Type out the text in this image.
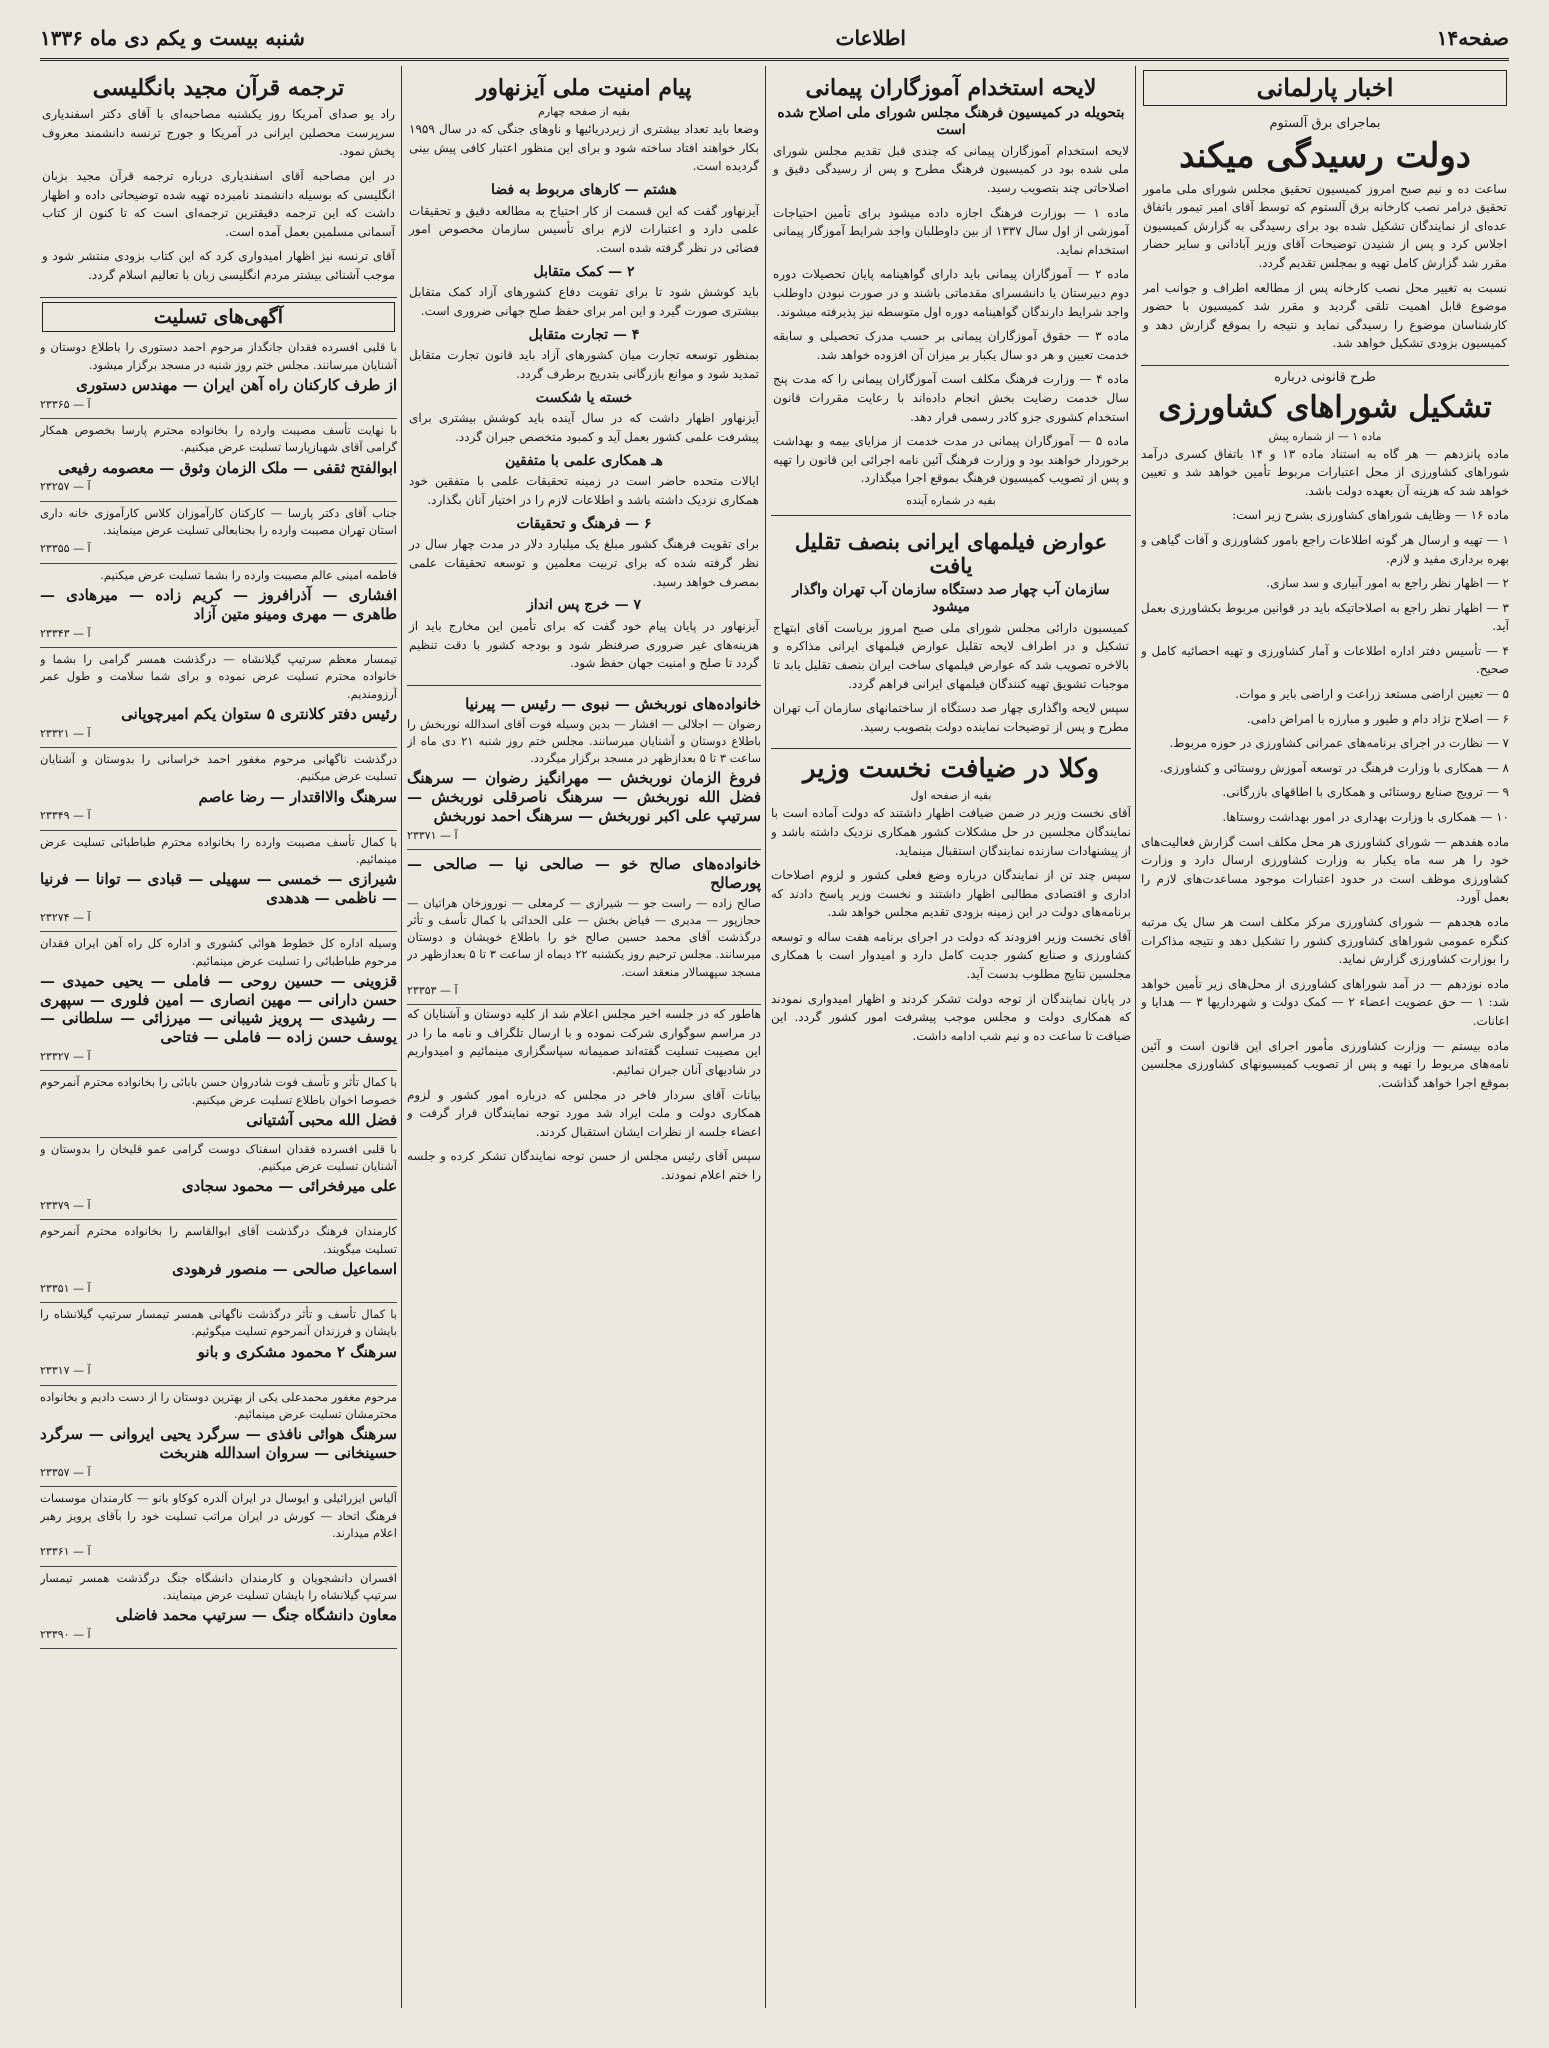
صفحه۱۴
اطلاعات
شنبه بیست و یکم دی ماه ۱۳۳۶
اخبار پارلمانی
بماجرای برق آلستوم
دولت رسیدگی میکند

ساعت ده و نیم صبح امروز کمیسیون تحقیق مجلس شورای ملی مامور تحقیق درامر نصب کارخانه برق آلستوم که توسط آقای امیر تیمور باتفاق عده‌ای از نمایندگان تشکیل شده بود برای رسیدگی به گزارش کمیسیون اجلاس کرد و پس از شنیدن توضیحات آقای وزیر آبادانی و سایر حضار مقرر شد گزارش کامل تهیه و بمجلس تقدیم گردد.

نسبت به تغییر محل نصب کارخانه پس از مطالعه اطراف و جوانب امر موضوع قابل اهمیت تلقی گردید و مقرر شد کمیسیون با حضور کارشناسان موضوع را رسیدگی نماید و نتیجه را بموقع گزارش دهد و کمیسیون بزودی تشکیل خواهد شد.

طرح قانونی درباره
تشکیل شوراهای کشاورزی
ماده ۱ — از شماره پیش

ماده پانزدهم — هر گاه به استناد ماده ۱۳ و ۱۴ باتفاق کسری درآمد شوراهای کشاورزی از محل اعتبارات مربوط تأمین خواهد شد و تعیین خواهد شد که هزینه آن بعهده دولت باشد.

ماده ۱۶ — وظایف شوراهای کشاورزی بشرح زیر است:

۱ — تهیه و ارسال هر گونه اطلاعات راجع بامور کشاورزی و آفات گیاهی و بهره برداری مفید و لازم.

۲ — اظهار نظر راجع به امور آبیاری و سد سازی.

۳ — اظهار نظر راجع به اصلاحاتیکه باید در قوانین مربوط بکشاورزی بعمل آید.

۴ — تأسیس دفتر اداره اطلاعات و آمار کشاورزی و تهیه احصائیه کامل و صحیح.

۵ — تعیین اراضی مستعد زراعت و اراضی بایر و موات.

۶ — اصلاح نژاد دام و طیور و مبارزه با امراض دامی.

۷ — نظارت در اجرای برنامه‌های عمرانی کشاورزی در حوزه مربوط.

۸ — همکاری با وزارت فرهنگ در توسعه آموزش روستائی و کشاورزی.

۹ — ترویج صنایع روستائی و همکاری با اطاقهای بازرگانی.

۱۰ — همکاری با وزارت بهداری در امور بهداشت روستاها.

ماده هفدهم — شورای کشاورزی هر محل مکلف است گزارش فعالیت‌های خود را هر سه ماه یکبار به وزارت کشاورزی ارسال دارد و وزارت کشاورزی موظف است در حدود اعتبارات موجود مساعدت‌های لازم را بعمل آورد.

ماده هجدهم — شورای کشاورزی مرکز مکلف است هر سال یک مرتبه کنگره عمومی شوراهای کشاورزی کشور را تشکیل دهد و نتیجه مذاکرات را بوزارت کشاورزی گزارش نماید.

ماده نوزدهم — در آمد شوراهای کشاورزی از محل‌های زیر تأمین خواهد شد: ۱ — حق عضویت اعضاء ۲ — کمک دولت و شهرداریها ۳ — هدایا و اعانات.

ماده بیستم — وزارت کشاورزی مأمور اجرای این قانون است و آئین نامه‌های مربوط را تهیه و پس از تصویب کمیسیونهای کشاورزی مجلسین بموقع اجرا خواهد گذاشت.

لایحه استخدام آموزگاران پیمانی
بتحویله در کمیسیون فرهنگ مجلس شورای ملی اصلاح شده است

لایحه استخدام آموزگاران پیمانی که چندی قبل تقدیم مجلس شورای ملی شده بود در کمیسیون فرهنگ مطرح و پس از رسیدگی دقیق و اصلاحاتی چند بتصویب رسید.

ماده ۱ — بوزارت فرهنگ اجازه داده میشود برای تأمین احتیاجات آموزشی از اول سال ۱۳۳۷ از بین داوطلبان واجد شرایط آموزگار پیمانی استخدام نماید.

ماده ۲ — آموزگاران پیمانی باید دارای گواهینامه پایان تحصیلات دوره دوم دبیرستان یا دانشسرای مقدماتی باشند و در صورت نبودن داوطلب واجد شرایط دارندگان گواهینامه دوره اول متوسطه نیز پذیرفته میشوند.

ماده ۳ — حقوق آموزگاران پیمانی بر حسب مدرک تحصیلی و سابقه خدمت تعیین و هر دو سال یکبار بر میزان آن افزوده خواهد شد.

ماده ۴ — وزارت فرهنگ مکلف است آموزگاران پیمانی را که مدت پنج سال خدمت رضایت بخش انجام داده‌اند با رعایت مقررات قانون استخدام کشوری جزو کادر رسمی قرار دهد.

ماده ۵ — آموزگاران پیمانی در مدت خدمت از مزایای بیمه و بهداشت برخوردار خواهند بود و وزارت فرهنگ آئین نامه اجرائی این قانون را تهیه و پس از تصویب کمیسیون فرهنگ بموقع اجرا میگذارد.

بقیه در شماره آینده
عوارض فیلمهای ایرانی بنصف تقلیل یافت
سازمان آب چهار صد دستگاه سازمان آب تهران واگذار میشود

کمیسیون دارائی مجلس شورای ملی صبح امروز بریاست آقای ابتهاج تشکیل و در اطراف لایحه تقلیل عوارض فیلمهای ایرانی مذاکره و بالاخره تصویب شد که عوارض فیلمهای ساخت ایران بنصف تقلیل یابد تا موجبات تشویق تهیه کنندگان فیلمهای ایرانی فراهم گردد.

سپس لایحه واگذاری چهار صد دستگاه از ساختمانهای سازمان آب تهران مطرح و پس از توضیحات نماینده دولت بتصویب رسید.

وکلا در ضیافت نخست وزیر
بقیه از صفحه اول

آقای نخست وزیر در ضمن ضیافت اظهار داشتند که دولت آماده است با نمایندگان مجلسین در حل مشکلات کشور همکاری نزدیک داشته باشد و از پیشنهادات سازنده نمایندگان استقبال مینماید.

سپس چند تن از نمایندگان درباره وضع فعلی کشور و لزوم اصلاحات اداری و اقتصادی مطالبی اظهار داشتند و نخست وزیر پاسخ دادند که برنامه‌های دولت در این زمینه بزودی تقدیم مجلس خواهد شد.

آقای نخست وزیر افزودند که دولت در اجرای برنامه هفت ساله و توسعه کشاورزی و صنایع کشور جدیت کامل دارد و امیدوار است با همکاری مجلسین نتایج مطلوب بدست آید.

در پایان نمایندگان از توجه دولت تشکر کردند و اظهار امیدواری نمودند که همکاری دولت و مجلس موجب پیشرفت امور کشور گردد. این ضیافت تا ساعت ده و نیم شب ادامه داشت.

پیام امنیت ملی آیزنهاور
بقیه از صفحه چهارم

وضعا باید تعداد بیشتری از زیردریائیها و ناوهای جنگی که در سال ۱۹۵۹ بکار خواهند افتاد ساخته شود و برای این منظور اعتبار کافی پیش بینی گردیده است.

هشتم — کارهای مربوط به فضا

آیزنهاور گفت که این قسمت از کار احتیاج به مطالعه دقیق و تحقیقات علمی دارد و اعتبارات لازم برای تأسیس سازمان مخصوص امور فضائی در نظر گرفته شده است.

۲ — کمک متقابل

باید کوشش شود تا برای تقویت دفاع کشورهای آزاد کمک متقابل بیشتری صورت گیرد و این امر برای حفظ صلح جهانی ضروری است.

۴ — تجارت متقابل

بمنظور توسعه تجارت میان کشورهای آزاد باید قانون تجارت متقابل تمدید شود و موانع بازرگانی بتدریج برطرف گردد.

خسته یا شکست

آیزنهاور اظهار داشت که در سال آینده باید کوشش بیشتری برای پیشرفت علمی کشور بعمل آید و کمبود متخصص جبران گردد.

هـ همکاری علمی با متفقین

ایالات متحده حاضر است در زمینه تحقیقات علمی با متفقین خود همکاری نزدیک داشته باشد و اطلاعات لازم را در اختیار آنان بگذارد.

۶ — فرهنگ و تحقیقات

برای تقویت فرهنگ کشور مبلغ یک میلیارد دلار در مدت چهار سال در نظر گرفته شده که برای تربیت معلمین و توسعه تحقیقات علمی بمصرف خواهد رسید.

۷ — خرج پس انداز

آیزنهاور در پایان پیام خود گفت که برای تأمین این مخارج باید از هزینه‌های غیر ضروری صرفنظر شود و بودجه کشور با دقت تنظیم گردد تا صلح و امنیت جهان حفظ شود.

خانواده‌های نوربخش — نبوی — رئیس — پیرنیا

رضوان — اجلالی — افشار — بدین وسیله فوت آقای اسدالله نوربخش را باطلاع دوستان و آشنایان میرسانند. مجلس ختم روز شنبه ۲۱ دی ماه از ساعت ۳ تا ۵ بعدازظهر در مسجد برگزار میگردد.

فروغ الزمان نوربخش — مهرانگیز رضوان — سرهنگ فضل الله نوربخش — سرهنگ ناصرقلی نوربخش — سرتیپ علی اکبر نوربخش — سرهنگ احمد نوربخش

آ — ۲۳۳۷۱

خانواده‌های صالح خو — صالحی نیا — صالحی — پورصالح

صالح زاده — راست جو — شیرازی — کرمعلی — نوروزخان هراتیان — حجازپور — مدیری — فیاض بخش — علی الحدائی با کمال تأسف و تأثر درگذشت آقای محمد حسین صالح خو را باطلاع خویشان و دوستان میرسانند. مجلس ترحیم روز یکشنبه ۲۲ دیماه از ساعت ۳ تا ۵ بعدازظهر در مسجد سپهسالار منعقد است.

آ — ۲۳۳۵۳

هاطور که در جلسه اخیر مجلس اعلام شد از کلیه دوستان و آشنایان که در مراسم سوگواری شرکت نموده و با ارسال تلگراف و نامه ما را در این مصیبت تسلیت گفته‌اند صمیمانه سپاسگزاری مینمائیم و امیدواریم در شادیهای آنان جبران نمائیم.

بیانات آقای سردار فاخر در مجلس که درباره امور کشور و لزوم همکاری دولت و ملت ایراد شد مورد توجه نمایندگان قرار گرفت و اعضاء جلسه از نظرات ایشان استقبال کردند.

سپس آقای رئیس مجلس از حسن توجه نمایندگان تشکر کرده و جلسه را ختم اعلام نمودند.

ترجمه قرآن مجید بانگلیسی

راد یو صدای آمریکا روز یکشنبه مصاحبه‌ای با آقای دکتر اسفندیاری سرپرست محصلین ایرانی در آمریکا و جورج ترنسه دانشمند معروف پخش نمود.

در این مصاحبه آقای اسفندیاری درباره ترجمه قرآن مجید بزبان انگلیسی که بوسیله دانشمند نامبرده تهیه شده توضیحاتی داده و اظهار داشت که این ترجمه دقیقترین ترجمه‌ای است که تا کنون از کتاب آسمانی مسلمین بعمل آمده است.

آقای ترنسه نیز اظهار امیدواری کرد که این کتاب بزودی منتشر شود و موجب آشنائی بیشتر مردم انگلیسی زبان با تعالیم اسلام گردد.

آگهی‌های تسلیت

با قلبی افسرده فقدان جانگداز مرحوم احمد دستوری را باطلاع دوستان و آشنایان میرسانند. مجلس ختم روز شنبه در مسجد برگزار میشود.

از طرف کارکنان راه آهن ایران — مهندس دستوری

آ — ۲۳۳۶۵

با نهایت تأسف مصیبت وارده را بخانواده محترم پارسا بخصوص همکار گرامی آقای شهبازپارسا تسلیت عرض میکنیم.

ابوالفتح ثقفی — ملک الزمان وثوق — معصومه رفیعی

آ — ۲۳۲۵۷

جناب آقای دکتر پارسا — کارکنان کارآموزان کلاس کارآموزی خانه داری استان تهران مصیبت وارده را بجنابعالی تسلیت عرض مینمایند.

آ — ۲۳۳۵۵

فاطمه امینی عالم مصیبت وارده را بشما تسلیت عرض میکنیم.

افشاری — آذرافروز — کریم زاده — میرهادی — طاهری — مهری ومینو متین آزاد

آ — ۲۳۳۴۳

تیمسار معظم سرتیپ گیلانشاه — درگذشت همسر گرامی را بشما و خانواده محترم تسلیت عرض نموده و برای شما سلامت و طول عمر آرزومندیم.

رئیس دفتر کلانتری ۵ ستوان یکم امیرچوپانی

آ — ۲۳۳۲۱

درگذشت ناگهانی مرحوم مغفور احمد خراسانی را بدوستان و آشنایان تسلیت عرض میکنیم.

سرهنگ والااقتدار — رضا عاصم

آ — ۲۳۳۴۹

با کمال تأسف مصیبت وارده را بخانواده محترم طباطبائی تسلیت عرض مینمائیم.

شیرازی — خمسی — سهیلی — قبادی — توانا — فرنیا — ناظمی — هدهدی

آ — ۲۳۲۷۴

وسیله اداره کل خطوط هوائی کشوری و اداره کل راه آهن ایران فقدان مرحوم طباطبائی را تسلیت عرض مینمائیم.

قزوینی — حسین روحی — فاملی — یحیی حمیدی — حسن دارانی — مهین انصاری — امین فلوری — سپهری — رشیدی — پرویز شیبانی — میرزائی — سلطانی — یوسف حسن زاده — فاملی — فتاحی

آ — ۲۳۳۲۷

با کمال تأثر و تأسف فوت شادروان حسن بابائی را بخانواده محترم آنمرحوم خصوصا اخوان باطلاع تسلیت عرض میکنیم.

فضل الله محبی آشتیانی

با قلبی افسرده فقدان اسفناک دوست گرامی عمو قلیخان را بدوستان و آشنایان تسلیت عرض میکنیم.

علی میرفخرائی — محمود سجادی

آ — ۲۳۳۷۹

کارمندان فرهنگ درگذشت آقای ابوالقاسم را بخانواده محترم آنمرحوم تسلیت میگویند.

اسماعیل صالحی — منصور فرهودی

آ — ۲۳۳۵۱

با کمال تأسف و تأثر درگذشت ناگهانی همسر تیمسار سرتیپ گیلانشاه را بایشان و فرزندان آنمرحوم تسلیت میگوئیم.

سرهنگ ۲ محمود مشکری و بانو

آ — ۲۳۳۱۷

مرحوم مغفور محمدعلی یکی از بهترین دوستان را از دست دادیم و بخانواده محترمشان تسلیت عرض مینمائیم.

سرهنگ هوائی نافذی — سرگرد یحیی ایروانی — سرگرد حسینخانی — سروان اسدالله هنربخت

آ — ۲۳۳۵۷

آلیاس ایزرائیلی و ایوسال در ایران آلدره کوکاو بانو — کارمندان موسسات فرهنگ اتحاد — کورش در ایران مراتب تسلیت خود را بآقای پرویز رهبر اعلام میدارند.

آ — ۲۳۳۶۱

افسران دانشجویان و کارمندان دانشگاه جنگ درگذشت همسر تیمسار سرتیپ گیلانشاه را بایشان تسلیت عرض مینمایند.

معاون دانشگاه جنگ — سرتیپ محمد فاضلی

آ — ۲۳۳۹۰
